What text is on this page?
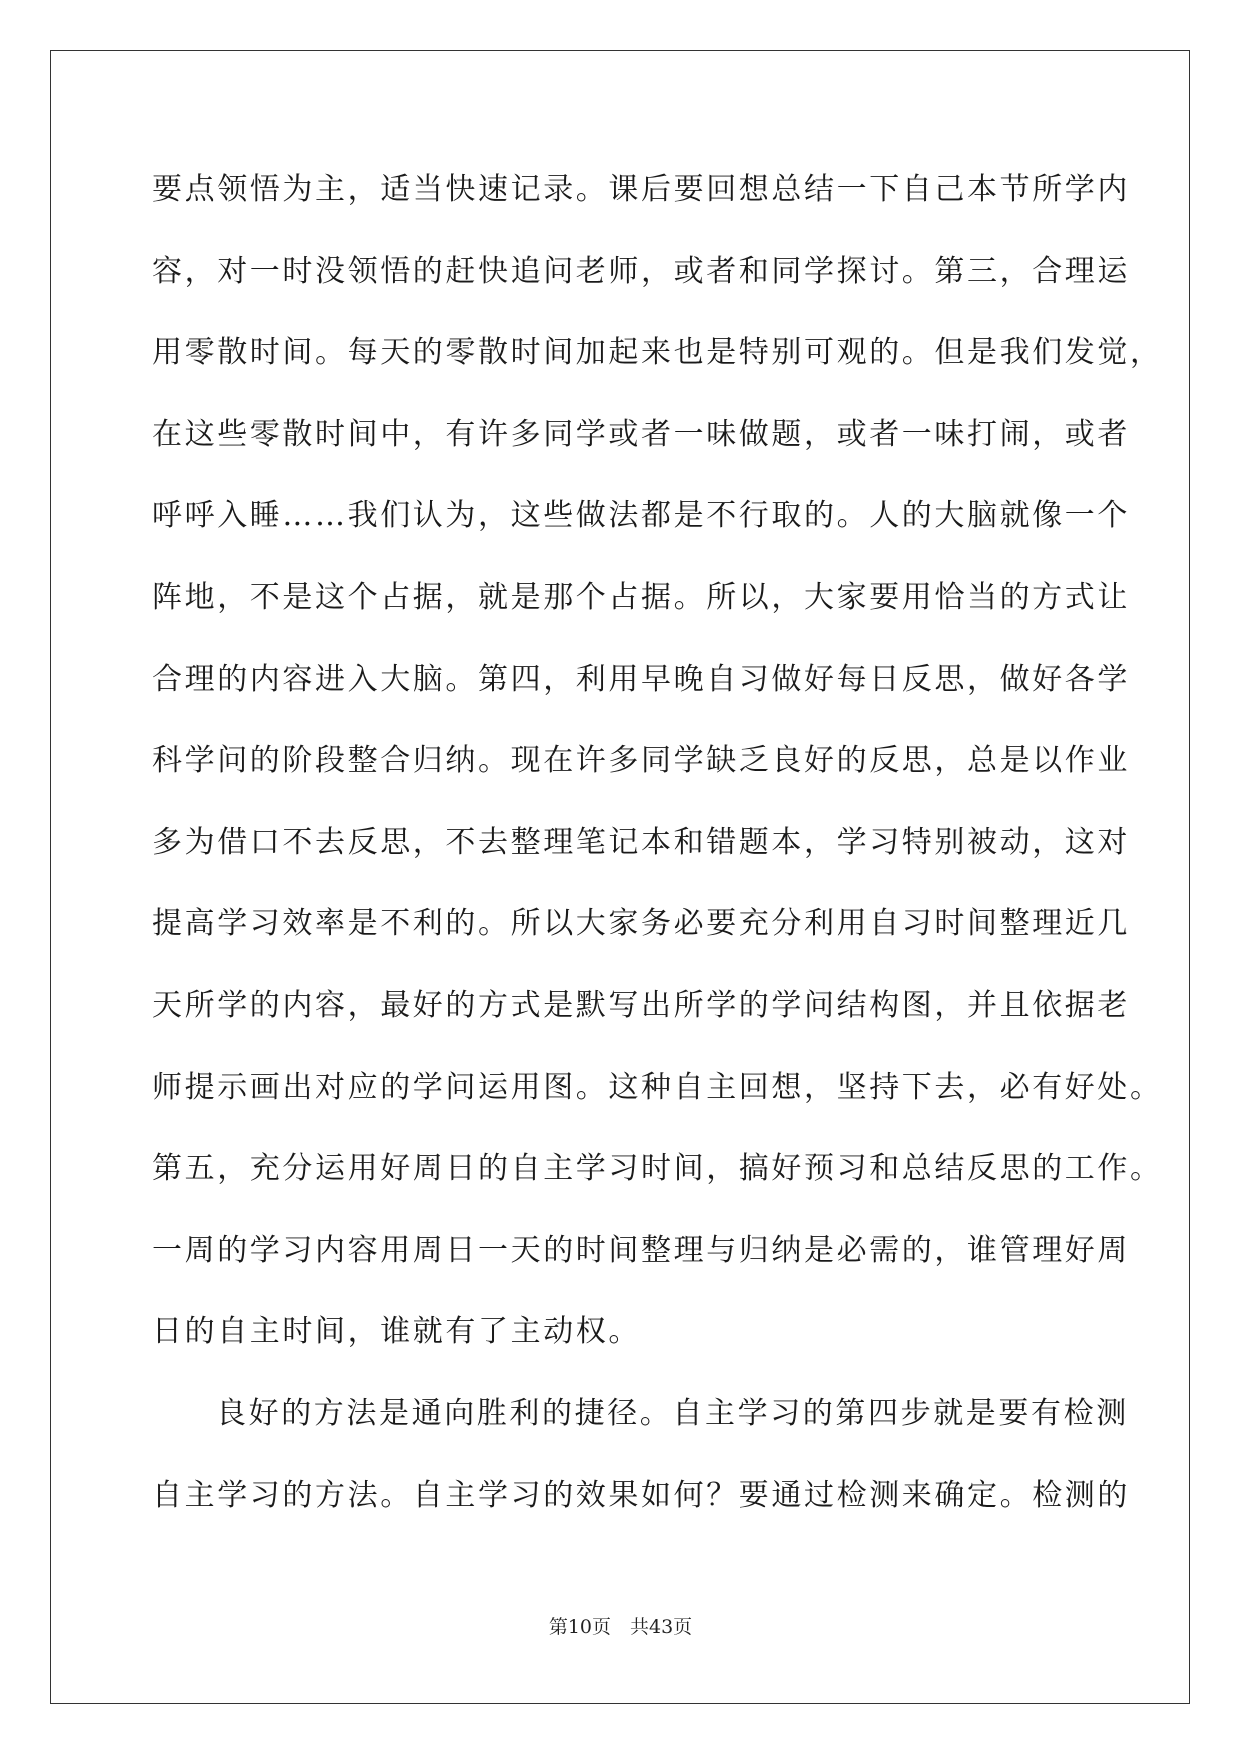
要点领悟为主，适当快速记录。课后要回想总结一下自己本节所学内
容，对一时没领悟的赶快追问老师，或者和同学探讨。第三，合理运
用零散时间。每天的零散时间加起来也是特别可观的。但是我们发觉，
在这些零散时间中，有许多同学或者一味做题，或者一味打闹，或者
呼呼入睡……我们认为，这些做法都是不行取的。人的大脑就像一个
阵地，不是这个占据，就是那个占据。所以，大家要用恰当的方式让
合理的内容进入大脑。第四，利用早晚自习做好每日反思，做好各学
科学问的阶段整合归纳。现在许多同学缺乏良好的反思，总是以作业
多为借口不去反思，不去整理笔记本和错题本，学习特别被动，这对
提高学习效率是不利的。所以大家务必要充分利用自习时间整理近几
天所学的内容，最好的方式是默写出所学的学问结构图，并且依据老
师提示画出对应的学问运用图。这种自主回想，坚持下去，必有好处。
第五，充分运用好周日的自主学习时间，搞好预习和总结反思的工作。
一周的学习内容用周日一天的时间整理与归纳是必需的，谁管理好周
日的自主时间，谁就有了主动权。
良好的方法是通向胜利的捷径。自主学习的第四步就是要有检测
自主学习的方法。自主学习的效果如何？要通过检测来确定。检测的
第10页　共43页
